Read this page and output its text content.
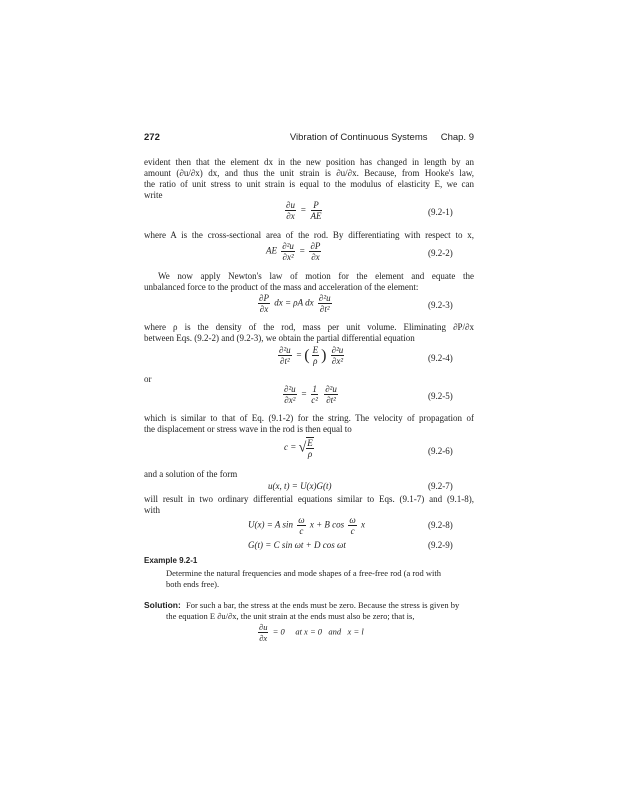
272	Vibration of Continuous Systems Chap. 9
evident then that the element dx in the new position has changed in length by an
amount (∂u/∂x) dx, and thus the unit strain is ∂u/∂x. Because, from Hooke's law,
the ratio of unit stress to unit strain is equal to the modulus of elasticity E, we can
write
$\frac{\partial u}{\partial x} = \frac{P}{AE}$	(9.2-1)
where A is the cross-sectional area of the rod. By differentiating with respect to x,
AE $\frac{\text{∂²u}}{\text{∂x²}} = \frac{\partial P}{\partial x}$	(9.2-2)
We now apply Newton's law of motion for the element and equate the
unbalanced force to the product of the mass and acceleration of the element:
$\frac{\partial P}{\partial x}$ dx = ρA dx $\frac{\text{∂²u}}{\text{∂t²}}$	(9.2-3)
where ρ is the density of the rod, mass per unit volume. Eliminating ∂P/∂x
between Eqs. (9.2-2) and (9.2-3), we obtain the partial differential equation
$\frac{\text{∂²u}}{\text{∂t²}}$ = ( $\frac{E}{\rho}$ ) $\frac{\text{∂²u}}{\text{∂x²}}$	(9.2-4)
or
$\frac{\text{∂²u}}{\text{∂x²}} = \frac{1}{\text{c²}}$
$\frac{\text{∂²u}}{\text{∂t²}}$	(9.2-5)
which is similar to that of Eq. (9.1-2) for the string. The velocity of propagation of
the displacement or stress wave in the rod is then equal to
c = √ $\frac{E}{\rho}$	(9.2-6)
and a solution of the form
u(x, t) = U(x)G(t)	(9.2-7)
will result in two ordinary differential equations similar to Eqs. (9.1-7) and (9.1-8),
with
U(x) = A $\sin \frac{\omega}{c}$ x + B $\cos \frac{\omega}{c}$ x	(9.2-8)
G(t) = C sin ωt + D cos ωt	(9.2-9)
Example 9.2-1
Determine the natural frequencies and mode shapes of a free-free rod (a rod with
both ends free).
Solution: For such a bar, the stress at the ends must be zero. Because the stress is given by
the equation E ∂u/∂x, the unit strain at the ends must also be zero; that is,
$\frac{\partial u}{\partial x} = 0$     at x = 0   and   x = l
